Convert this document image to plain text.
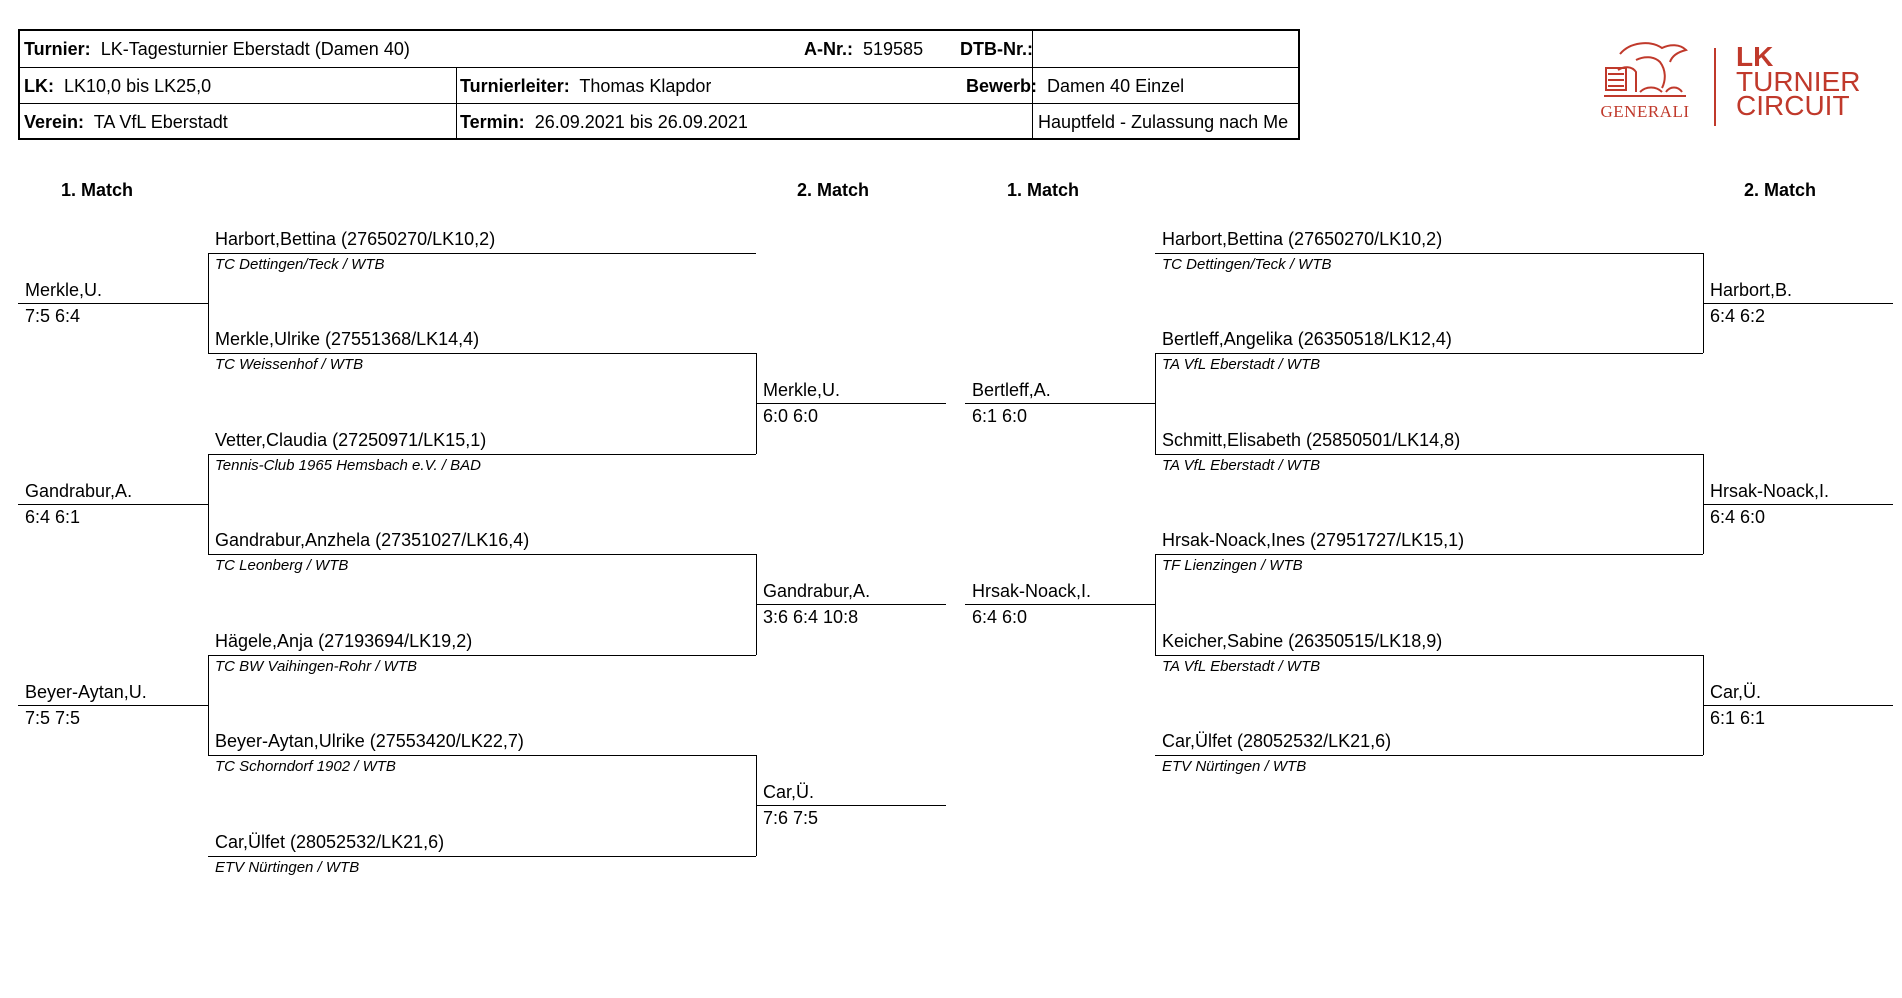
Turnier: LK-Tagesturnier Eberstadt (Damen 40)	A-Nr.: 519585 DTB-Nr.:
LK: LK10,0 bis LK25,0	Turnierleiter: Thomas Klapdor	Bewerb: Damen 40 Einzel
Verein: TA VfL Eberstadt	Termin: 26.09.2021 bis 26.09.2021	Hauptfeld - Zulassung nach Me
GENERALI
LK
TURNIER
CIRCUIT
1. Match	2. Match
Harbort,Bettina (27650270/LK10,2)
TC Dettingen/Teck / WTB
Merkle,Ulrike (27551368/LK14,4)
TC Weissenhof / WTB
Vetter,Claudia (27250971/LK15,1)
Tennis-Club 1965 Hemsbach e.V. / BAD
Gandrabur,Anzhela (27351027/LK16,4)
TC Leonberg / WTB
Hägele,Anja (27193694/LK19,2)
TC BW Vaihingen-Rohr / WTB
Beyer-Aytan,Ulrike (27553420/LK22,7)
TC Schorndorf 1902 / WTB
Car,Ülfet (28052532/LK21,6)
ETV Nürtingen / WTB
Merkle,U.
7:5 6:4
Gandrabur,A.
6:4 6:1
Beyer-Aytan,U.
7:5 7:5
Merkle,U.
6:0 6:0
Gandrabur,A.
3:6 6:4 10:8
Car,Ü.
7:6 7:5
1. Match	2. Match
Harbort,Bettina (27650270/LK10,2)
TC Dettingen/Teck / WTB
Bertleff,Angelika (26350518/LK12,4)
TA VfL Eberstadt / WTB
Schmitt,Elisabeth (25850501/LK14,8)
TA VfL Eberstadt / WTB
Hrsak-Noack,Ines (27951727/LK15,1)
TF Lienzingen / WTB
Keicher,Sabine (26350515/LK18,9)
TA VfL Eberstadt / WTB
Car,Ülfet (28052532/LK21,6)
ETV Nürtingen / WTB
Bertleff,A.
6:1 6:0
Hrsak-Noack,I.
6:4 6:0
Harbort,B.
6:4 6:2
Hrsak-Noack,I.
6:4 6:0
Car,Ü.
6:1 6:1
